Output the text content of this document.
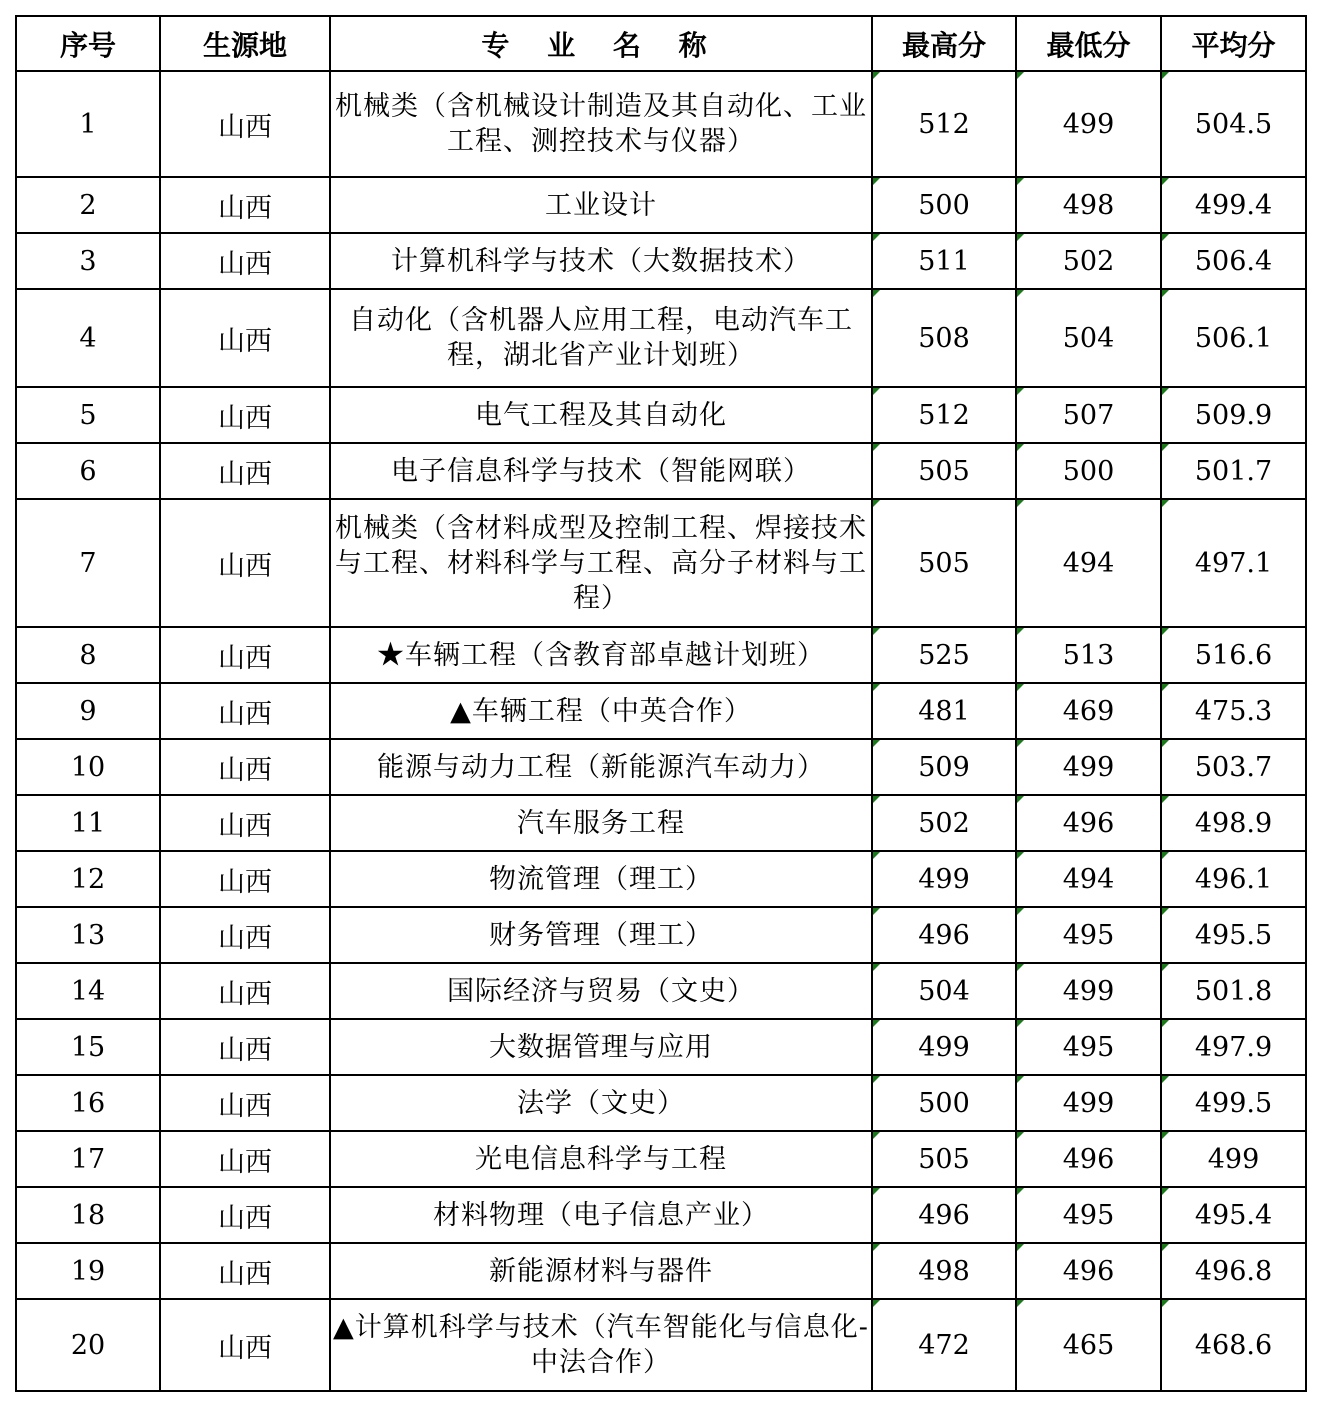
序号	生源地	专 业 名 称	最高分	最低分	平均分
1	山西	机械类（含机械设计制造及其自动化、工业工程、测控技术与仪器）	512	499	504.5
2	山西	工业设计	500	498	499.4
3	山西	计算机科学与技术（大数据技术）	511	502	506.4
4	山西	自动化（含机器人应用工程，电动汽车工程，湖北省产业计划班）	508	504	506.1
5	山西	电气工程及其自动化	512	507	509.9
6	山西	电子信息科学与技术（智能网联）	505	500	501.7
7	山西	机械类（含材料成型及控制工程、焊接技术与工程、材料科学与工程、高分子材料与工程）	505	494	497.1
8	山西	★车辆工程（含教育部卓越计划班）	525	513	516.6
9	山西	▲车辆工程（中英合作）	481	469	475.3
10	山西	能源与动力工程（新能源汽车动力）	509	499	503.7
11	山西	汽车服务工程	502	496	498.9
12	山西	物流管理（理工）	499	494	496.1
13	山西	财务管理（理工）	496	495	495.5
14	山西	国际经济与贸易（文史）	504	499	501.8
15	山西	大数据管理与应用	499	495	497.9
16	山西	法学（文史）	500	499	499.5
17	山西	光电信息科学与工程	505	496	499
18	山西	材料物理（电子信息产业）	496	495	495.4
19	山西	新能源材料与器件	498	496	496.8
20	山西	▲计算机科学与技术（汽车智能化与信息化-中法合作）	472	465	468.6
